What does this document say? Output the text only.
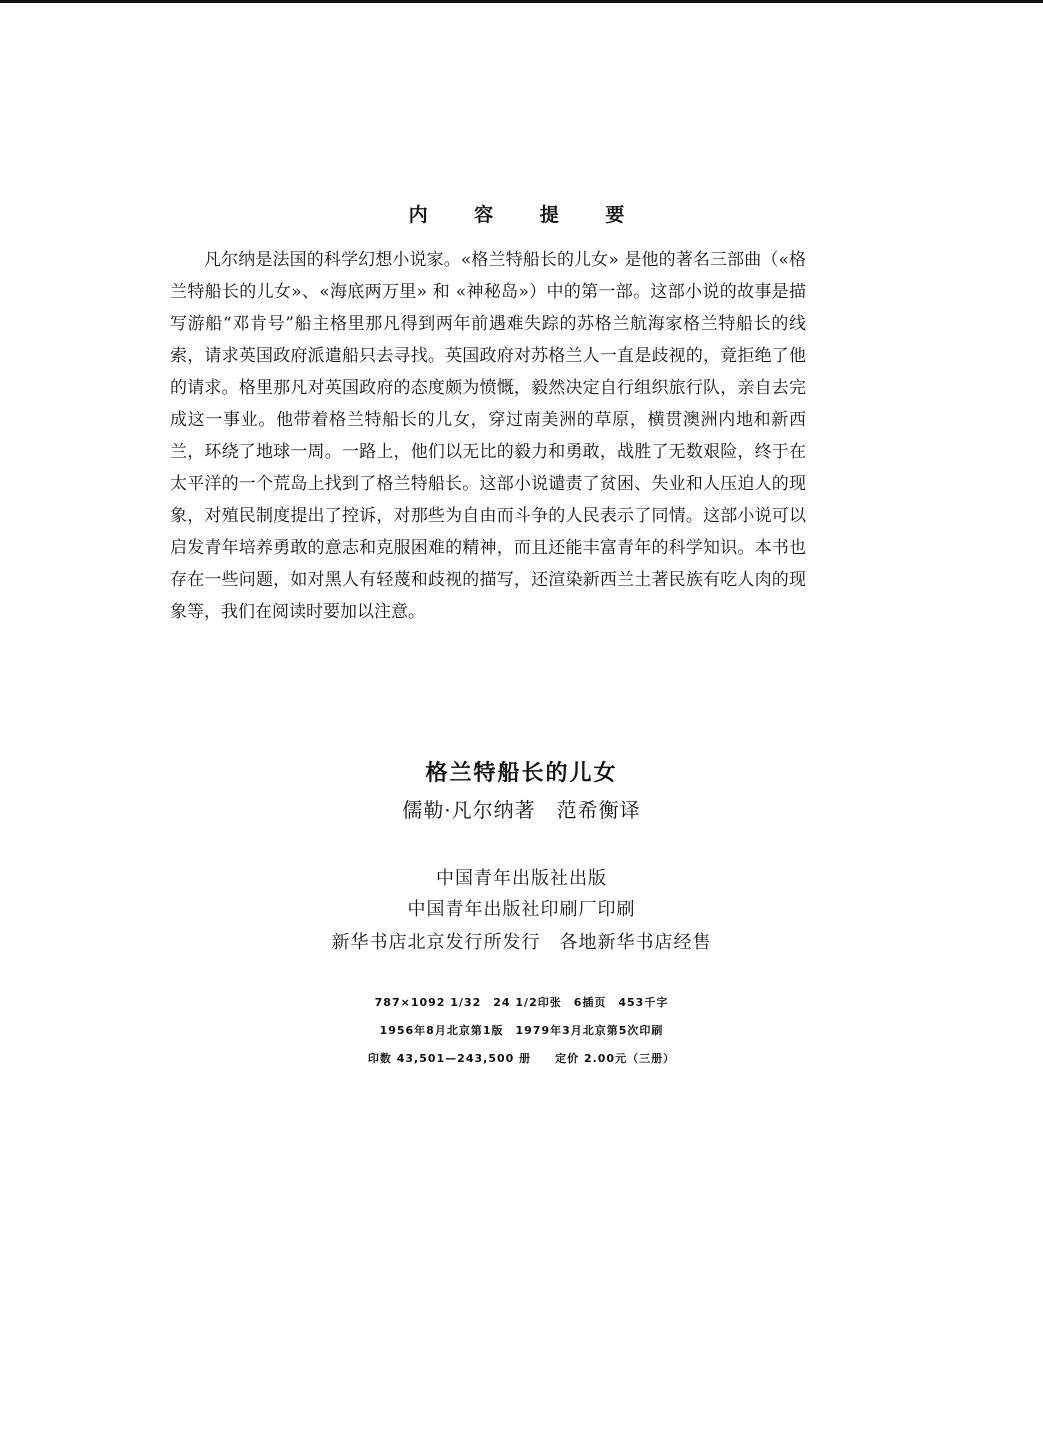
内 容 提 要

凡尔纳是法国的科学幻想小说家。«格兰特船长的儿女» 是他的著名三部曲（«格兰特船长的儿女»、«海底两万里» 和 «神秘岛»）中的第一部。这部小说的故事是描写游船“邓肯号”船主格里那凡得到两年前遇难失踪的苏格兰航海家格兰特船长的线索，请求英国政府派遣船只去寻找。英国政府对苏格兰人一直是歧视的，竟拒绝了他的请求。格里那凡对英国政府的态度颇为愤慨，毅然决定自行组织旅行队，亲自去完成这一事业。他带着格兰特船长的儿女，穿过南美洲的草原，横贯澳洲内地和新西兰，环绕了地球一周。一路上，他们以无比的毅力和勇敢，战胜了无数艰险，终于在太平洋的一个荒岛上找到了格兰特船长。这部小说谴责了贫困、失业和人压迫人的现象，对殖民制度提出了控诉，对那些为自由而斗争的人民表示了同情。这部小说可以启发青年培养勇敢的意志和克服困难的精神，而且还能丰富青年的科学知识。本书也存在一些问题，如对黑人有轻蔑和歧视的描写，还渲染新西兰土著民族有吃人肉的现象等，我们在阅读时要加以注意。

格兰特船长的儿女
儒勒·凡尔纳著　范希衡译
中国青年出版社出版
中国青年出版社印刷厂印刷
新华书店北京发行所发行　各地新华书店经售
787×1092 1/32　24 1/2印张　6插页　453千字
1956年8月北京第1版　1979年3月北京第5次印刷
印数 43,501—243,500 册　　定价 2.00元（三册）
